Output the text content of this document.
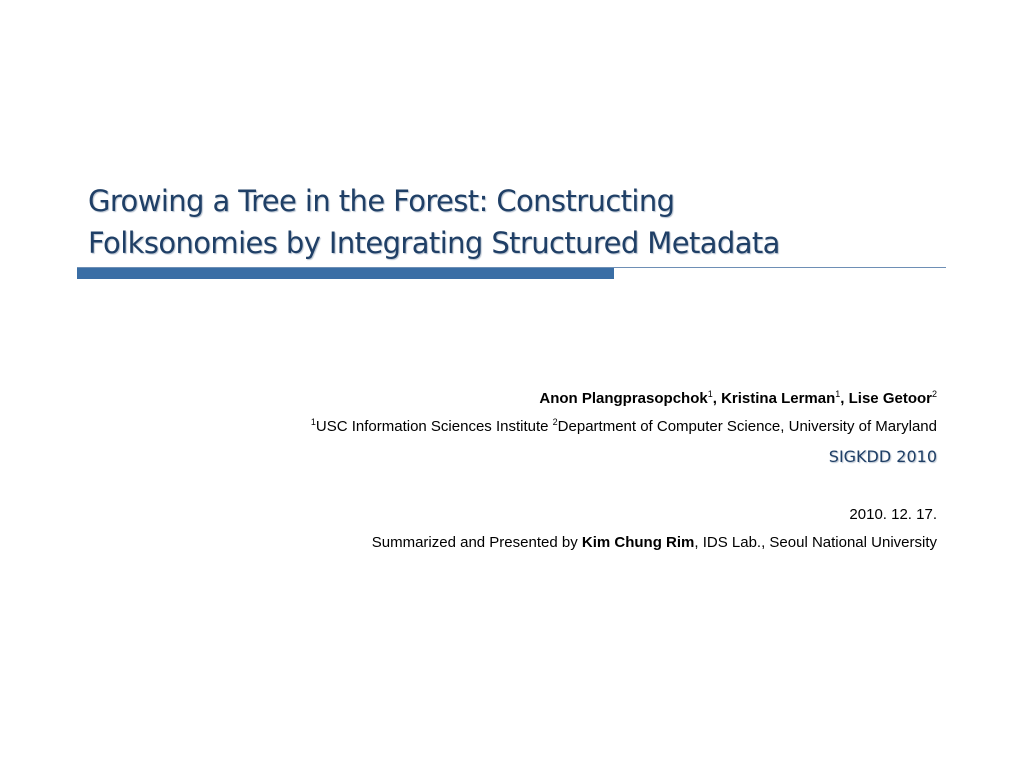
Growing a Tree in the Forest: Constructing
Folksonomies by Integrating Structured Metadata

Anon Plangprasopchok$^1$, Kristina Lerman$^1$, Lise Getoor$^2$

$^1$USC Information Sciences Institute $^2$Department of Computer Science, University of Maryland

SIGKDD 2010

2010. 12. 17.

Summarized and Presented by Kim Chung Rim, IDS Lab., Seoul National University
